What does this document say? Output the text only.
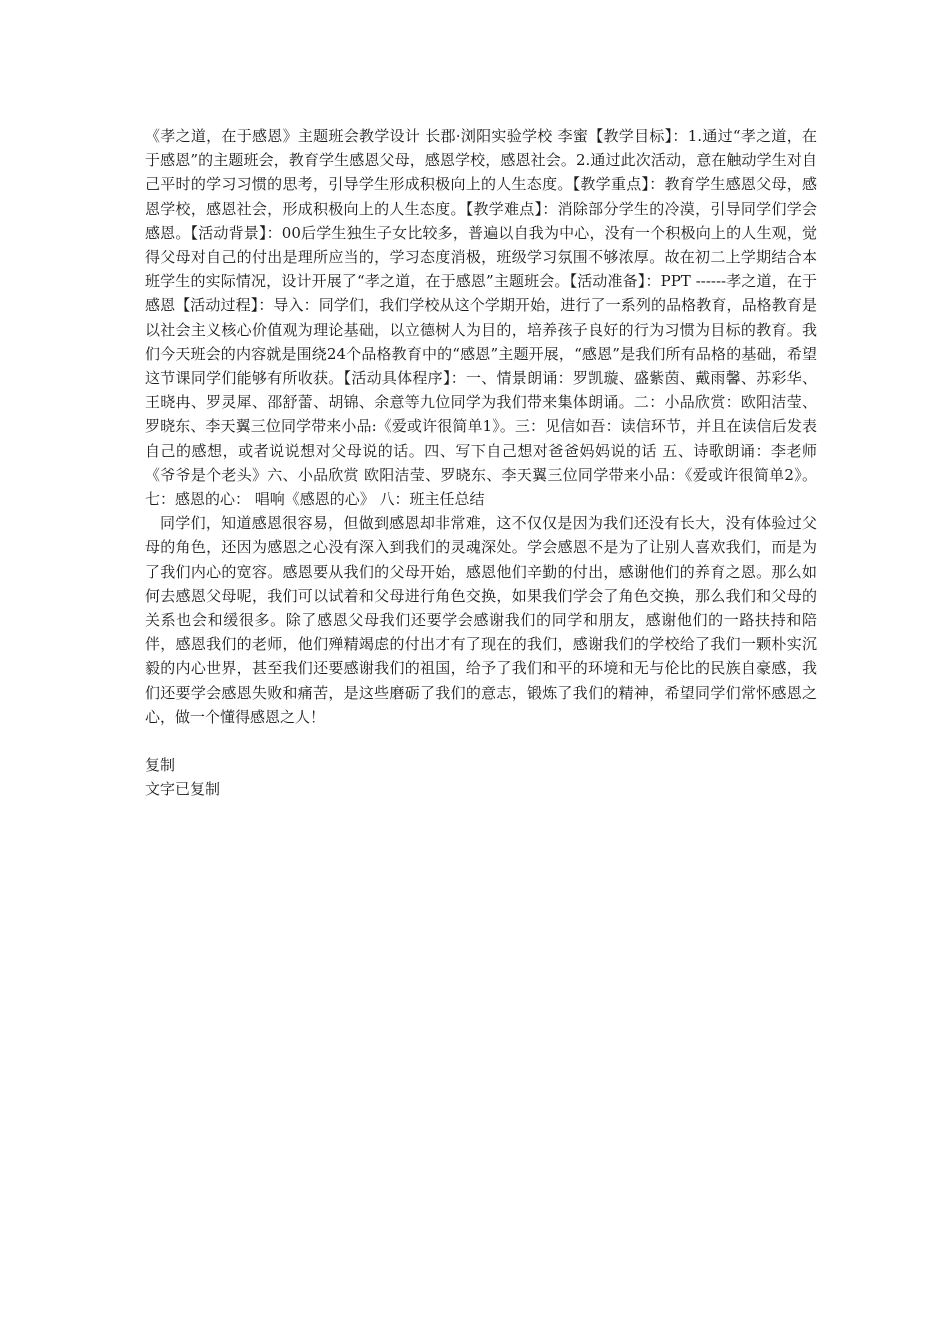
《孝之道，在于感恩》主题班会教学设计 长郡·浏阳实验学校 李蜜【教学目标】：1.通过“孝之道，在于感恩”的主题班会，教育学生感恩父母，感恩学校，感恩社会。2.通过此次活动，意在触动学生对自己平时的学习习惯的思考，引导学生形成积极向上的人生态度。【教学重点】：教育学生感恩父母，感恩学校，感恩社会，形成积极向上的人生态度。【教学难点】：消除部分学生的冷漠，引导同学们学会感恩。【活动背景】：00后学生独生子女比较多，普遍以自我为中心，没有一个积极向上的人生观，觉得父母对自己的付出是理所应当的，学习态度消极，班级学习氛围不够浓厚。故在初二上学期结合本班学生的实际情况，设计开展了“孝之道，在于感恩”主题班会。【活动准备】：PPT ------孝之道，在于感恩【活动过程】：导入：同学们，我们学校从这个学期开始，进行了一系列的品格教育，品格教育是以社会主义核心价值观为理论基础，以立德树人为目的，培养孩子良好的行为习惯为目标的教育。我们今天班会的内容就是围绕24个品格教育中的“感恩”主题开展，“感恩”是我们所有品格的基础，希望这节课同学们能够有所收获。【活动具体程序】：一、情景朗诵：罗凯璇、盛紫茵、戴雨馨、苏彩华、王晓冉、罗灵犀、邵舒蕾、胡锦、余意等九位同学为我们带来集体朗诵。二：小品欣赏：欧阳洁莹、罗晓东、李天翼三位同学带来小品:《爱或许很简单1》。三：见信如吾：读信环节，并且在读信后发表自己的感想，或者说说想对父母说的话。四、写下自己想对爸爸妈妈说的话 五、诗歌朗诵：李老师《爷爷是个老头》六、小品欣赏 欧阳洁莹、罗晓东、李天翼三位同学带来小品：《爱或许很简单2》。七：感恩的心： 唱响《感恩的心》 八：班主任总结

同学们，知道感恩很容易，但做到感恩却非常难，这不仅仅是因为我们还没有长大，没有体验过父母的角色，还因为感恩之心没有深入到我们的灵魂深处。学会感恩不是为了让别人喜欢我们，而是为了我们内心的宽容。感恩要从我们的父母开始，感恩他们辛勤的付出，感谢他们的养育之恩。那么如何去感恩父母呢，我们可以试着和父母进行角色交换，如果我们学会了角色交换，那么我们和父母的关系也会和缓很多。除了感恩父母我们还要学会感谢我们的同学和朋友，感谢他们的一路扶持和陪伴，感恩我们的老师，他们殚精竭虑的付出才有了现在的我们，感谢我们的学校给了我们一颗朴实沉毅的内心世界，甚至我们还要感谢我们的祖国，给予了我们和平的环境和无与伦比的民族自豪感，我们还要学会感恩失败和痛苦，是这些磨砺了我们的意志，锻炼了我们的精神，希望同学们常怀感恩之心，做一个懂得感恩之人！

复制
文字已复制
